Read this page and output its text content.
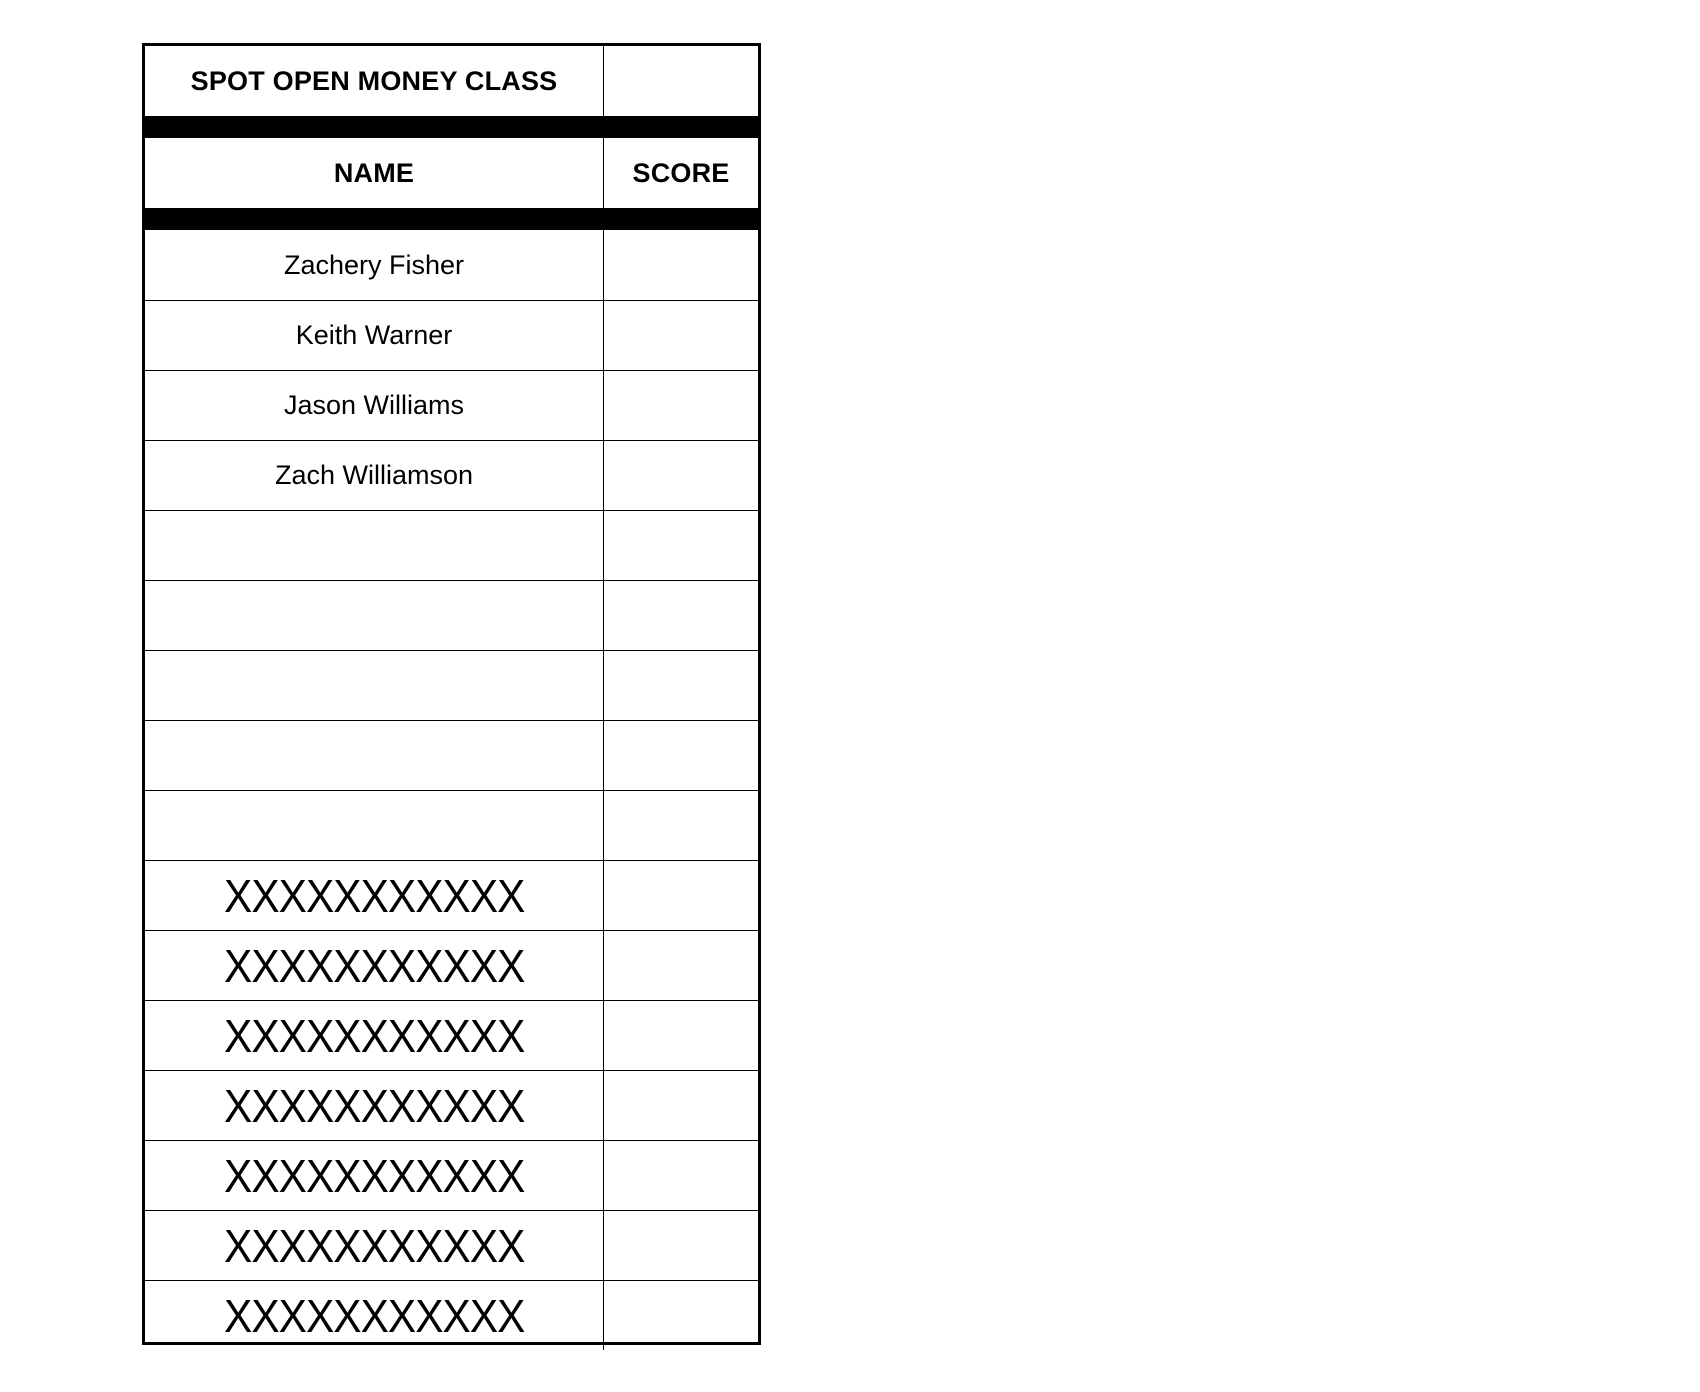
SPOT OPEN MONEY CLASS
NAME	SCORE
Zachery Fisher
Keith Warner
Jason Williams
Zach Williamson
XXXXXXXXXXX
XXXXXXXXXXX
XXXXXXXXXXX
XXXXXXXXXXX
XXXXXXXXXXX
XXXXXXXXXXX
XXXXXXXXXXX
